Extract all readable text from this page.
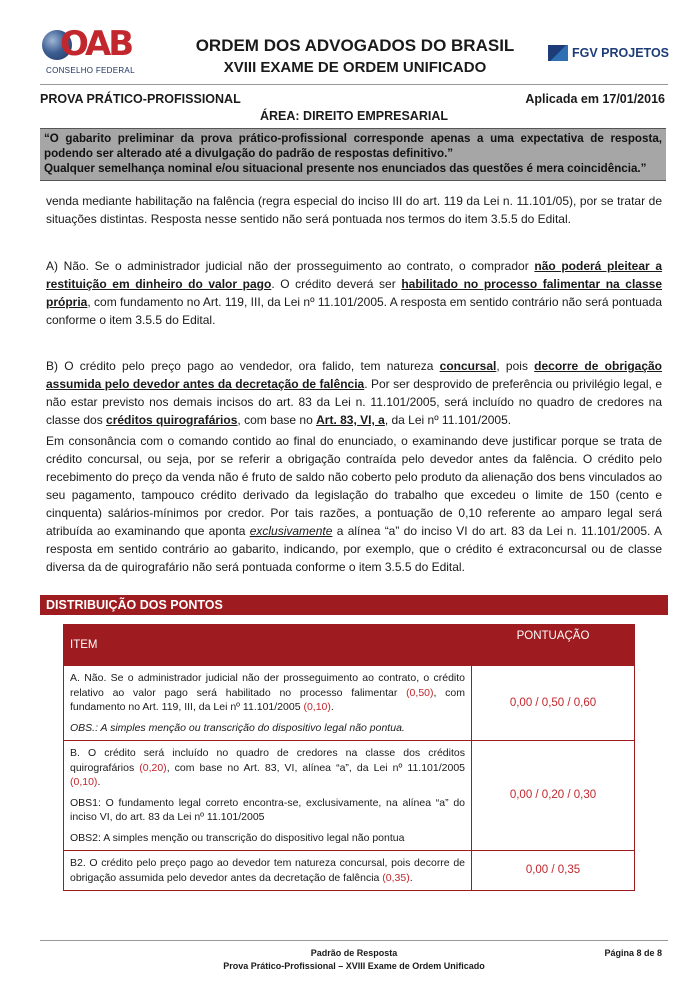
OAB
CONSELHO FEDERAL
ORDEM DOS ADVOGADOS DO BRASIL
XVIII EXAME DE ORDEM UNIFICADO
FGV PROJETOS
PROVA PRÁTICO-PROFISSIONAL	Aplicada em 17/01/2016
ÁREA: DIREITO EMPRESARIAL
“O gabarito preliminar da prova prático-profissional corresponde apenas a uma expectativa de resposta, podendo ser alterado até a divulgação do padrão de respostas definitivo.”
Qualquer semelhança nominal e/ou situacional presente nos enunciados das questões é mera coincidência.”
venda mediante habilitação na falência (regra especial do inciso III do art. 119 da Lei n. 11.101/05), por se tratar de situações distintas. Resposta nesse sentido não será pontuada nos termos do item 3.5.5 do Edital.
A) Não. Se o administrador judicial não der prosseguimento ao contrato, o comprador não poderá pleitear a restituição em dinheiro do valor pago. O crédito deverá ser habilitado no processo falimentar na classe própria, com fundamento no Art. 119, III, da Lei nº 11.101/2005. A resposta em sentido contrário não será pontuada conforme o item 3.5.5 do Edital.
B) O crédito pelo preço pago ao vendedor, ora falido, tem natureza concursal, pois decorre de obrigação assumida pelo devedor antes da decretação de falência. Por ser desprovido de preferência ou privilégio legal, e não estar previsto nos demais incisos do art. 83 da Lei n. 11.101/2005, será incluído no quadro de credores na classe dos créditos quirografários, com base no Art. 83, VI, a, da Lei nº 11.101/2005.
Em consonância com o comando contido ao final do enunciado, o examinando deve justificar porque se trata de crédito concursal, ou seja, por se referir a obrigação contraída pelo devedor antes da falência. O crédito pelo recebimento do preço da venda não é fruto de saldo não coberto pelo produto da alienação dos bens vinculados ao seu pagamento, tampouco crédito derivado da legislação do trabalho que excedeu o limite de 150 (cento e cinquenta) salários-mínimos por credor. Por tais razões, a pontuação de 0,10 referente ao amparo legal será atribuída ao examinando que aponta exclusivamente a alínea “a” do inciso VI do art. 83 da Lei n. 11.101/2005. A resposta em sentido contrário ao gabarito, indicando, por exemplo, que o crédito é extraconcursal ou de classe diversa da de quirografário não será pontuada conforme o item 3.5.5 do Edital.
DISTRIBUIÇÃO DOS PONTOS
ITEM	PONTUAÇÃO

A. Não. Se o administrador judicial não der prosseguimento ao contrato, o crédito relativo ao valor pago será habilitado no processo falimentar (0,50), com fundamento no Art. 119, III, da Lei nº 11.101/2005 (0,10).
OBS.: A simples menção ou transcrição do dispositivo legal não pontua.	0,00 / 0,50 / 0,60

B. O crédito será incluído no quadro de credores na classe dos créditos quirografários (0,20), com base no Art. 83, VI, alínea “a”, da Lei nº 11.101/2005 (0,10).
OBS1: O fundamento legal correto encontra-se, exclusivamente, na alínea “a” do inciso VI, do art. 83 da Lei nº 11.101/2005
OBS2: A simples menção ou transcrição do dispositivo legal não pontua	0,00 / 0,20 / 0,30

B2. O crédito pelo preço pago ao devedor tem natureza concursal, pois decorre de obrigação assumida pelo devedor antes da decretação de falência (0,35).	0,00 / 0,35
Padrão de Resposta
Prova Prático-Profissional – XVIII Exame de Ordem Unificado
Página 8 de 8
